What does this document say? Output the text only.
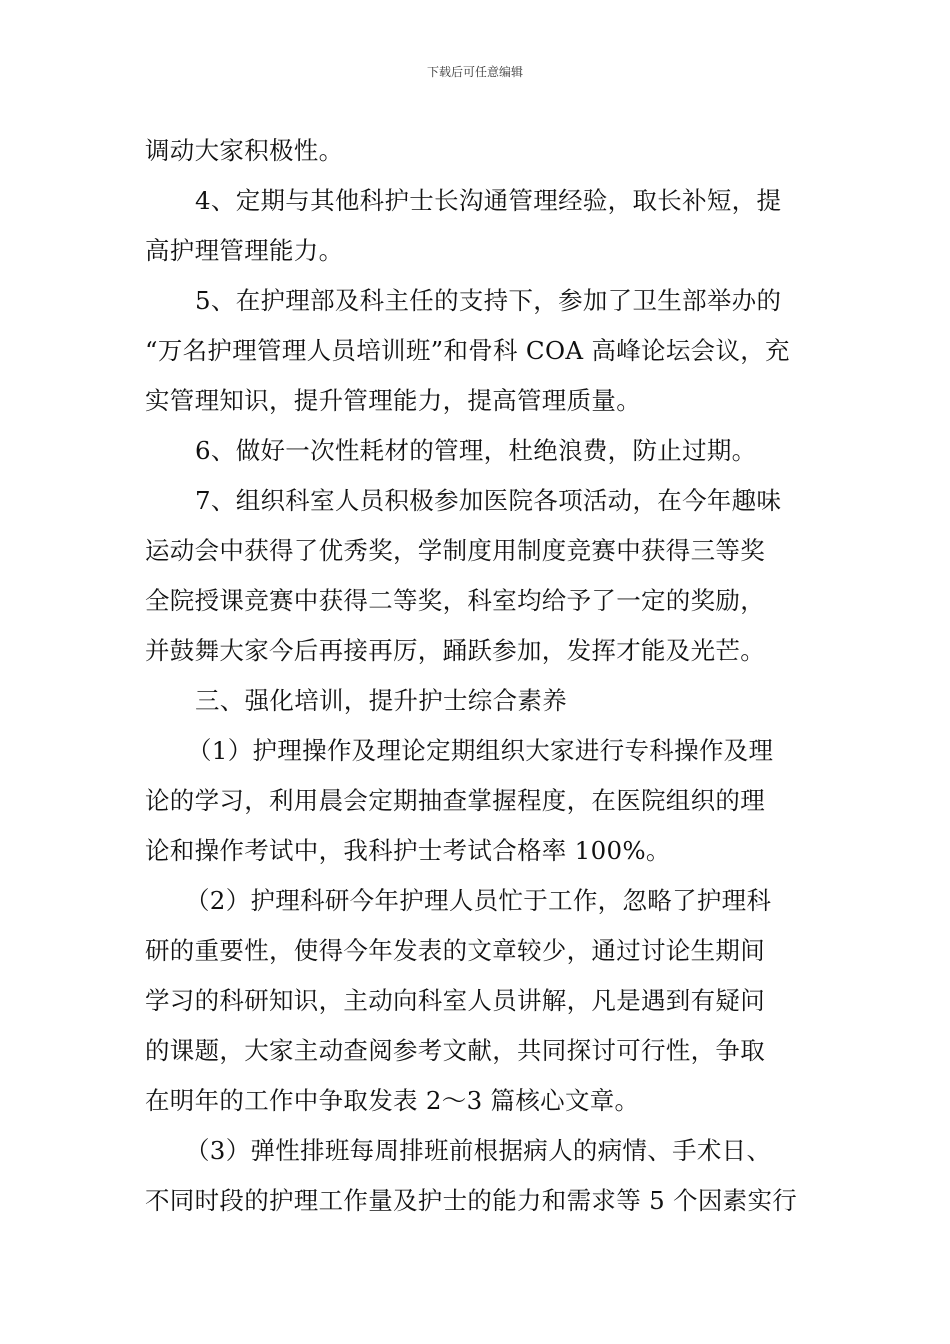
下载后可任意编辑
调动大家积极性。
4、定期与其他科护士长沟通管理经验，取长补短，提
高护理管理能力。
5、在护理部及科主任的支持下，参加了卫生部举办的
“万名护理管理人员培训班”和骨科 COA 高峰论坛会议，充
实管理知识，提升管理能力，提高管理质量。
6、做好一次性耗材的管理，杜绝浪费，防止过期。
7、组织科室人员积极参加医院各项活动，在今年趣味
运动会中获得了优秀奖，学制度用制度竞赛中获得三等奖
全院授课竞赛中获得二等奖，科室均给予了一定的奖励，
并鼓舞大家今后再接再厉，踊跃参加，发挥才能及光芒。
三、强化培训，提升护士综合素养
（1）护理操作及理论定期组织大家进行专科操作及理
论的学习，利用晨会定期抽查掌握程度，在医院组织的理
论和操作考试中，我科护士考试合格率 100%。
（2）护理科研今年护理人员忙于工作，忽略了护理科
研的重要性，使得今年发表的文章较少，通过讨论生期间
学习的科研知识，主动向科室人员讲解，凡是遇到有疑问
的课题，大家主动查阅参考文献，共同探讨可行性，争取
在明年的工作中争取发表 2～3 篇核心文章。
（3）弹性排班每周排班前根据病人的病情、手术日、
不同时段的护理工作量及护士的能力和需求等 5 个因素实行
